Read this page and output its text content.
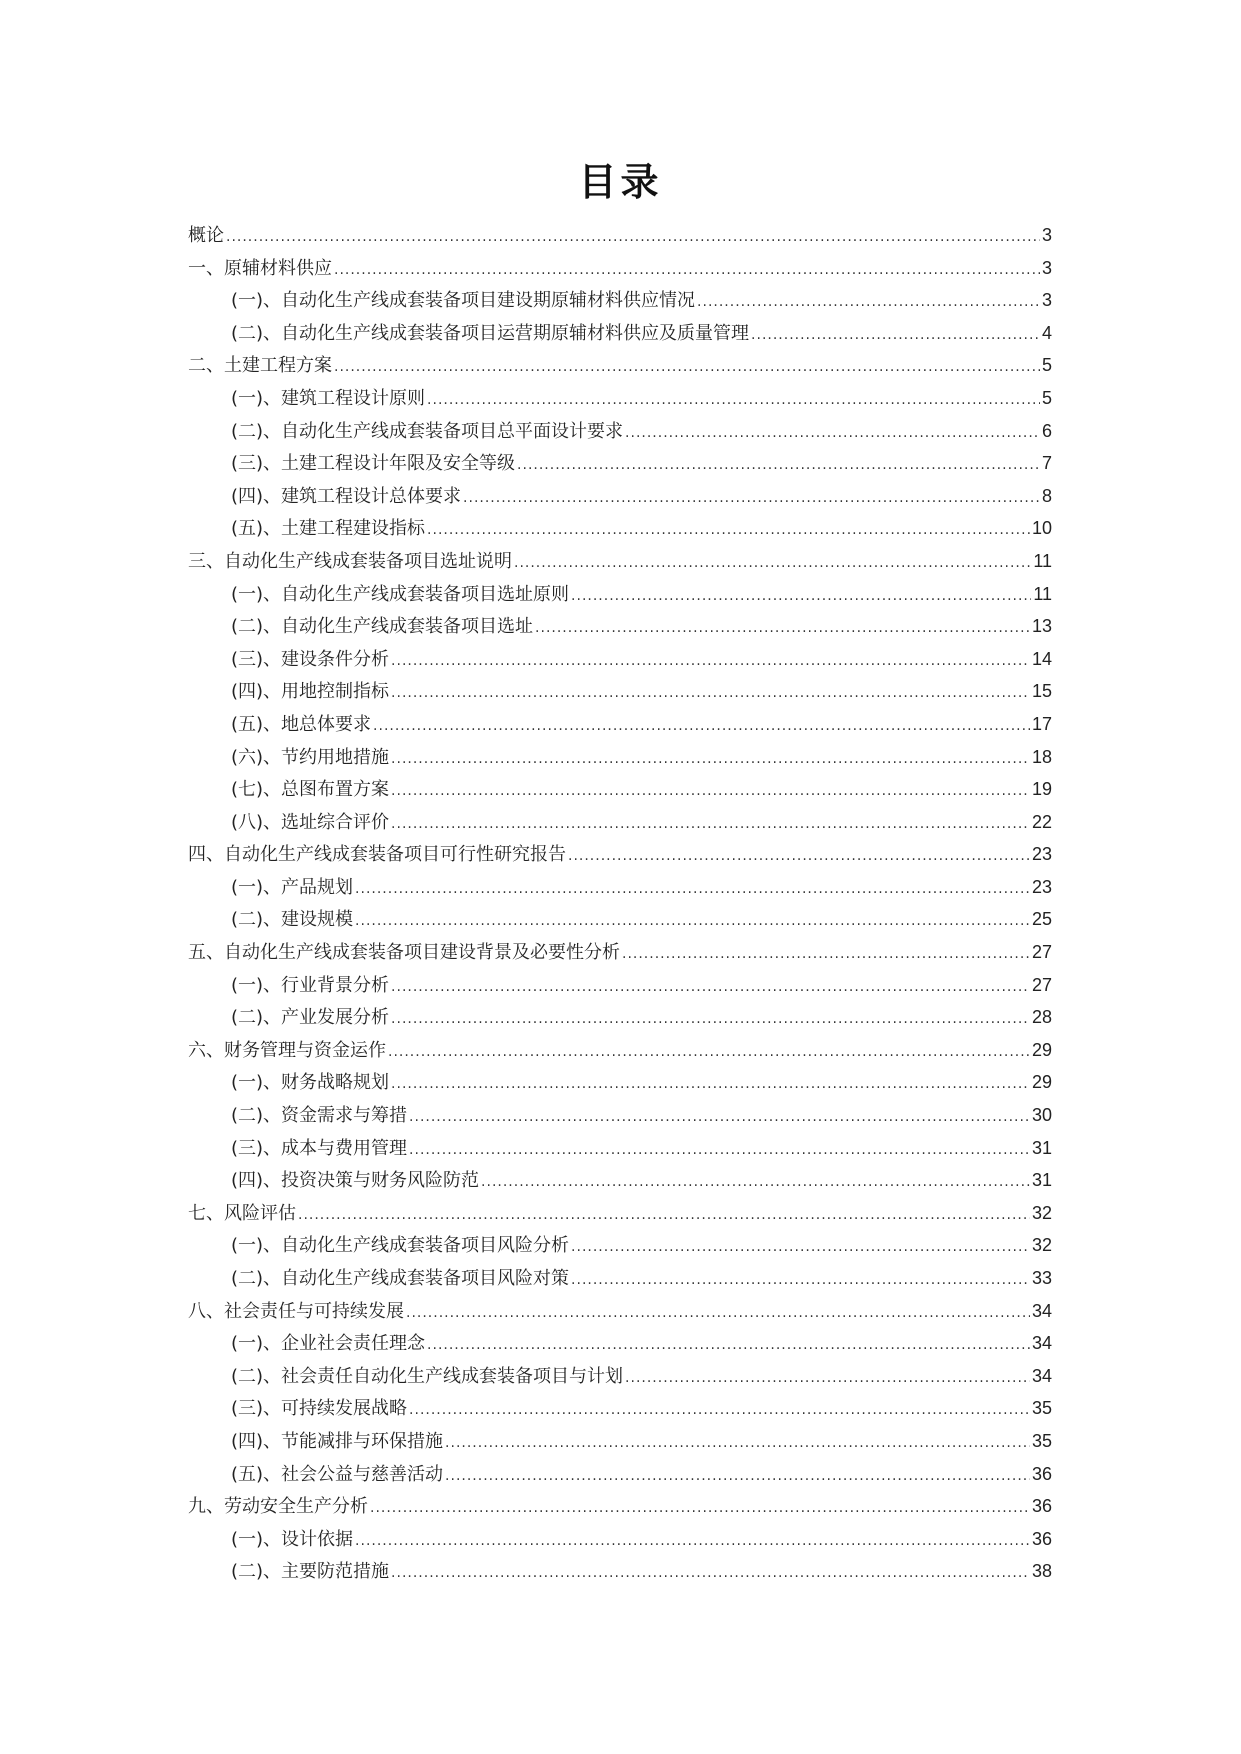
目录
概论 .....	3
一、原辅材料供应 .....	3
(一)、自动化生产线成套装备项目建设期原辅材料供应情况 .....	3
(二)、自动化生产线成套装备项目运营期原辅材料供应及质量管理 .....	4
二、土建工程方案 .....	5
(一)、建筑工程设计原则 .....	5
(二)、自动化生产线成套装备项目总平面设计要求 .....	6
(三)、土建工程设计年限及安全等级 .....	7
(四)、建筑工程设计总体要求 .....	8
(五)、土建工程建设指标 .....	10
三、自动化生产线成套装备项目选址说明 .....	11
(一)、自动化生产线成套装备项目选址原则 .....	11
(二)、自动化生产线成套装备项目选址 .....	13
(三)、建设条件分析 .....	14
(四)、用地控制指标 .....	15
(五)、地总体要求 .....	17
(六)、节约用地措施 .....	18
(七)、总图布置方案 .....	19
(八)、选址综合评价 .....	22
四、自动化生产线成套装备项目可行性研究报告 .....	23
(一)、产品规划 .....	23
(二)、建设规模 .....	25
五、自动化生产线成套装备项目建设背景及必要性分析 .....	27
(一)、行业背景分析 .....	27
(二)、产业发展分析 .....	28
六、财务管理与资金运作 .....	29
(一)、财务战略规划 .....	29
(二)、资金需求与筹措 .....	30
(三)、成本与费用管理 .....	31
(四)、投资决策与财务风险防范 .....	31
七、风险评估 .....	32
(一)、自动化生产线成套装备项目风险分析 .....	32
(二)、自动化生产线成套装备项目风险对策 .....	33
八、社会责任与可持续发展 .....	34
(一)、企业社会责任理念 .....	34
(二)、社会责任自动化生产线成套装备项目与计划 .....	34
(三)、可持续发展战略 .....	35
(四)、节能减排与环保措施 .....	35
(五)、社会公益与慈善活动 .....	36
九、劳动安全生产分析 .....	36
(一)、设计依据 .....	36
(二)、主要防范措施 .....	38
